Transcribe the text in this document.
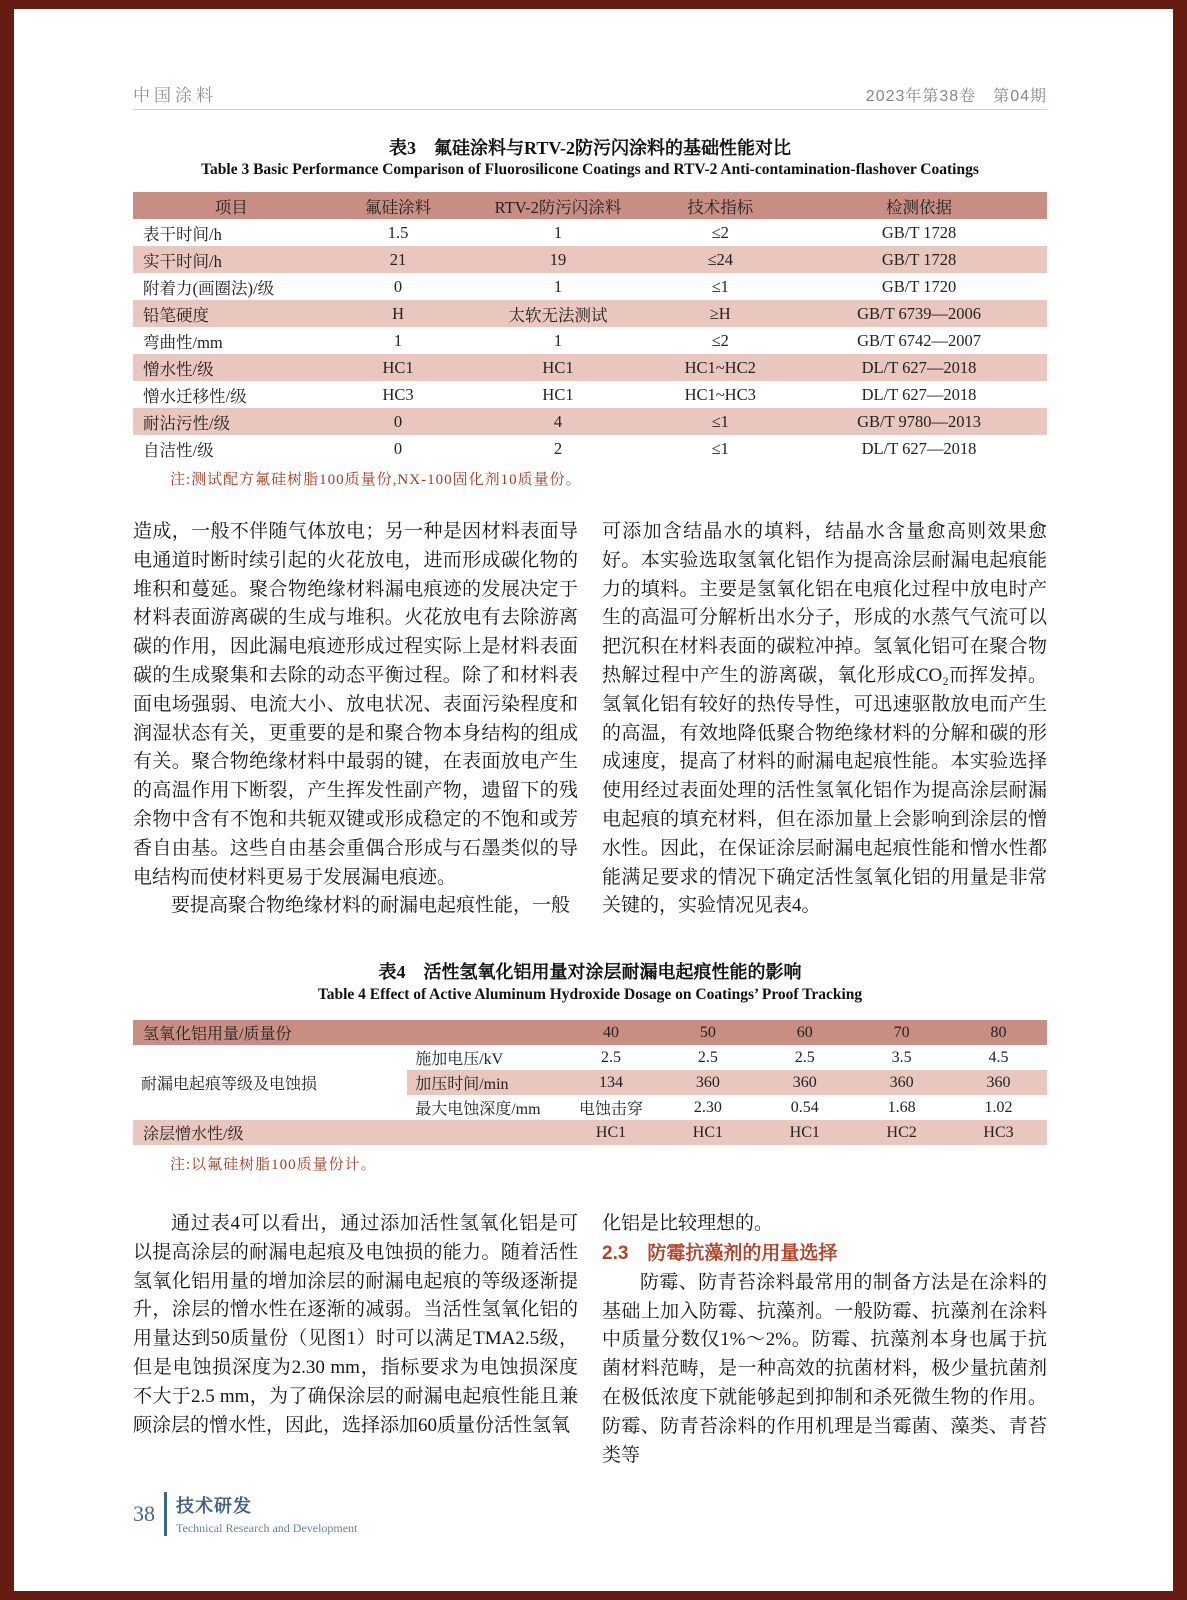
中国涂料	2023年第38卷　第04期
表3　氟硅涂料与RTV-2防污闪涂料的基础性能对比
Table 3 Basic Performance Comparison of Fluorosilicone Coatings and RTV-2 Anti-contamination-flashover Coatings
项目	氟硅涂料	RTV-2防污闪涂料	技术指标	检测依据
表干时间/h	1.5	1	≤2	GB/T 1728
实干时间/h	21	19	≤24	GB/T 1728
附着力(画圈法)/级	0	1	≤1	GB/T 1720
铅笔硬度	H	太软无法测试	≥H	GB/T 6739—2006
弯曲性/mm	1	1	≤2	GB/T 6742—2007
憎水性/级	HC1	HC1	HC1~HC2	DL/T 627—2018
憎水迁移性/级	HC3	HC1	HC1~HC3	DL/T 627—2018
耐沾污性/级	0	4	≤1	GB/T 9780—2013
自洁性/级	0	2	≤1	DL/T 627—2018
注:测试配方氟硅树脂100质量份,NX-100固化剂10质量份。

造成，一般不伴随气体放电；另一种是因材料表面导电通道时断时续引起的火花放电，进而形成碳化物的堆积和蔓延。聚合物绝缘材料漏电痕迹的发展决定于材料表面游离碳的生成与堆积。火花放电有去除游离碳的作用，因此漏电痕迹形成过程实际上是材料表面碳的生成聚集和去除的动态平衡过程。除了和材料表面电场强弱、电流大小、放电状况、表面污染程度和润湿状态有关，更重要的是和聚合物本身结构的组成有关。聚合物绝缘材料中最弱的键，在表面放电产生的高温作用下断裂，产生挥发性副产物，遗留下的残余物中含有不饱和共轭双键或形成稳定的不饱和或芳香自由基。这些自由基会重偶合形成与石墨类似的导电结构而使材料更易于发展漏电痕迹。

要提高聚合物绝缘材料的耐漏电起痕性能，一般

可添加含结晶水的填料，结晶水含量愈高则效果愈好。本实验选取氢氧化铝作为提高涂层耐漏电起痕能力的填料。主要是氢氧化铝在电痕化过程中放电时产生的高温可分解析出水分子，形成的水蒸气气流可以把沉积在材料表面的碳粒冲掉。氢氧化铝可在聚合物热解过程中产生的游离碳，氧化形成CO₂而挥发掉。氢氧化铝有较好的热传导性，可迅速驱散放电而产生的高温，有效地降低聚合物绝缘材料的分解和碳的形成速度，提高了材料的耐漏电起痕性能。本实验选择使用经过表面处理的活性氢氧化铝作为提高涂层耐漏电起痕的填充材料，但在添加量上会影响到涂层的憎水性。因此，在保证涂层耐漏电起痕性能和憎水性都能满足要求的情况下确定活性氢氧化铝的用量是非常关键的，实验情况见表4。

表4　活性氢氧化铝用量对涂层耐漏电起痕性能的影响
Table 4 Effect of Active Aluminum Hydroxide Dosage on Coatings’ Proof Tracking
氢氧化铝用量/质量份		40	50	60	70	80
耐漏电起痕等级及电蚀损	施加电压/kV	2.5	2.5	2.5	3.5	4.5
	加压时间/min	134	360	360	360	360
	最大电蚀深度/mm	电蚀击穿	2.30	0.54	1.68	1.02
涂层憎水性/级		HC1	HC1	HC1	HC2	HC3
注:以氟硅树脂100质量份计。

通过表4可以看出，通过添加活性氢氧化铝是可以提高涂层的耐漏电起痕及电蚀损的能力。随着活性氢氧化铝用量的增加涂层的耐漏电起痕的等级逐渐提升，涂层的憎水性在逐渐的减弱。当活性氢氧化铝的用量达到50质量份（见图1）时可以满足TMA2.5级，但是电蚀损深度为2.30 mm，指标要求为电蚀损深度不大于2.5 mm，为了确保涂层的耐漏电起痕性能且兼顾涂层的憎水性，因此，选择添加60质量份活性氢氧

化铝是比较理想的。

2.3　防霉抗藻剂的用量选择

防霉、防青苔涂料最常用的制备方法是在涂料的基础上加入防霉、抗藻剂。一般防霉、抗藻剂在涂料中质量分数仅1%～2%。防霉、抗藻剂本身也属于抗菌材料范畴，是一种高效的抗菌材料，极少量抗菌剂在极低浓度下就能够起到抑制和杀死微生物的作用。防霉、防青苔涂料的作用机理是当霉菌、藻类、青苔类等

38 技术研发
Technical Research and Development
